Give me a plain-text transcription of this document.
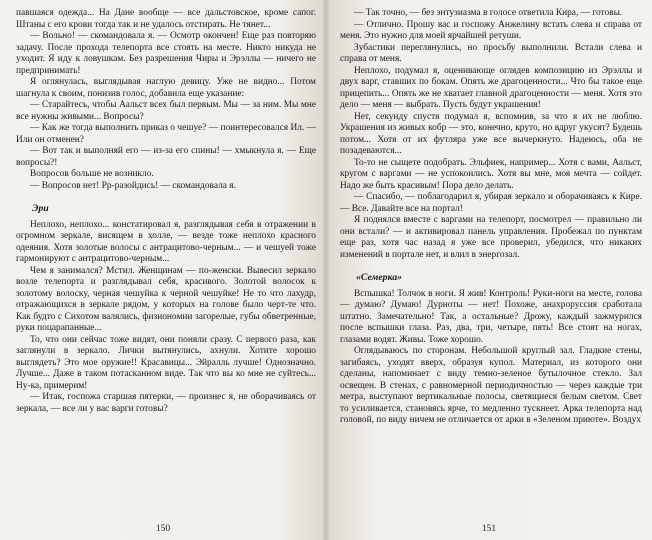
павшаяся одежда... На Дане вообще — все дальстовское, кроме сапог. Штаны с его крови тогда так и не удалось отстирать. Не тянет...

— Вольно! — скомандовала я. — Осмотр окончен! Еще раз повторяю задачу. После прохода телепорта все стоять на месте. Никто никуда не уходит. Я иду к ловушкам. Без разрешения Чиры и Эрэллы — ничего не предпринимать!

Я оглянулась, выглядывая наглую девицу. Уже не видно... Потом шагнула к своим, понизив голос, добавила еще указание:

— Старайтесь, чтобы Аальст всех был первым. Мы — за ним. Мы мне все нужны живыми... Вопросы?

— Как же тогда выполнить приказ о чешуе? — поинтересовался Ил. — Или он отменен?

— Вот так и выполняй его — из-за его спины! — хмыкнула я. — Еще вопросы?!

Вопросов больше не возникло.

— Вопросов нет! Рр-разойдись! — скомандовала я.

Эри

Неплохо, неплохо... констатировал я, разглядывая себя в отражении в огромном зеркале, висящем в холле, — везде тоже неплохо красного одеяния. Хотя золотые волосы с антрацитово-черным... — и чешуей тоже гармонируют с антрацитово-черным...

Чем я занимался? Мстил. Женщинам — по-женски. Вывесил зеркало возле телепорта и разглядывал себя, красивого. Золотой волосок к золотому волоску, черная чешуйка к черной чешуйке! Не то что лахудр, отражающихся в зеркале рядом, у которых на голове было черт-те что. Как будто с Сихотом валялись, физиономии загорелые, губы обветренные, руки поцарапанные...

То, что они сейчас тоже видят, они поняли сразу. С первого раза, как заглянули в зеркало. Лички вытянулись, ахнули. Хотите хорошо выглядеть? Это мое оружие!! Красавицы... Эйралль лучше! Однозначно. Лучше... Даже в таком потасканном виде. Так что вы ко мне не суйтесь... Ну-ка, примерим!

— Итак, госпожа старшая пятерки, — произнес я, не оборачиваясь от зеркала, — все ли у вас варги готовы?

150

— Так точно, — без энтузиазма в голосе ответила Кира, — готовы.

— Отлично. Прошу вас и госпожу Анжелину встать слева и справа от меня. Это нужно для моей ярчайшей ретуши.

Зубастики переглянулись, но просьбу выполнили. Встали слева и справа от меня.

Неплохо, подумал я, оценивающе оглядев композицию из Эрэллы и двух варг, ставших по бокам. Опять же драгоценности... Что бы такое еще прицепить... Опять же не хватает главной драгоценности — меня. Хотя это дело — меня — выбрать. Пусть будут украшения!

Нет, секунду спустя подумал я, вспомнив, за что я их не люблю. Украшения из живых кобр — это, конечно, круто, но вдруг укусят? Будешь потом... Хотя от их футляра уже все вычеркнуто. Надеюсь, оба не позадеваются...

То-то не сыщете подобрать. Эльфиек, например... Хотя с вами, Аальст, кругом с варгами — не успокоились. Хотя вы мне, моя мечта — сойдет. Надо же быть красивым! Пора дело делать.

— Спасибо, — поблагодарил я, убирая зеркало и оборачиваясь к Кире. — Все. Давайте все на портал!

Я поднялся вместе с варгами на телепорт, посмотрел — правильно ли они встали? — и активировал панель управления. Пробежал по пунктам еще раз, хотя час назад я уже все проверил, убедился, что никаких изменений в портале нет, и влил в энергозал.

«Семерка»

Вспышка! Толчок в ноги. Я жив! Контроль! Руки-ноги на месте, голова — думаю? Думаю! Дурноты — нет! Похоже, анахроруссия сработала штатно. Замечательно! Так, а остальные? Дрожу, каждый зажмурился после вспышки глаза. Раз, два, три, четыре, пять! Все стоят на ногах, глазами водят. Живы. Тоже хорошо.

Оглядываюсь по сторонам. Небольшой круглый зал. Гладкие стены, загибаясь, уходят вверх, образуя купол. Материал, из которого они сделаны, напоминает с виду темно-зеленое бутылочное стекло. Зал освещен. В стенах, с равномерной периодичностью — через каждые три метра, выступают вертикальные полосы, светящиеся белым светом. Свет то усиливается, становясь ярче, то медленно тускнеет. Арка телепорта над головой, по виду ничем не отличается от арки в «Зеленом приюте». Воздух

151
